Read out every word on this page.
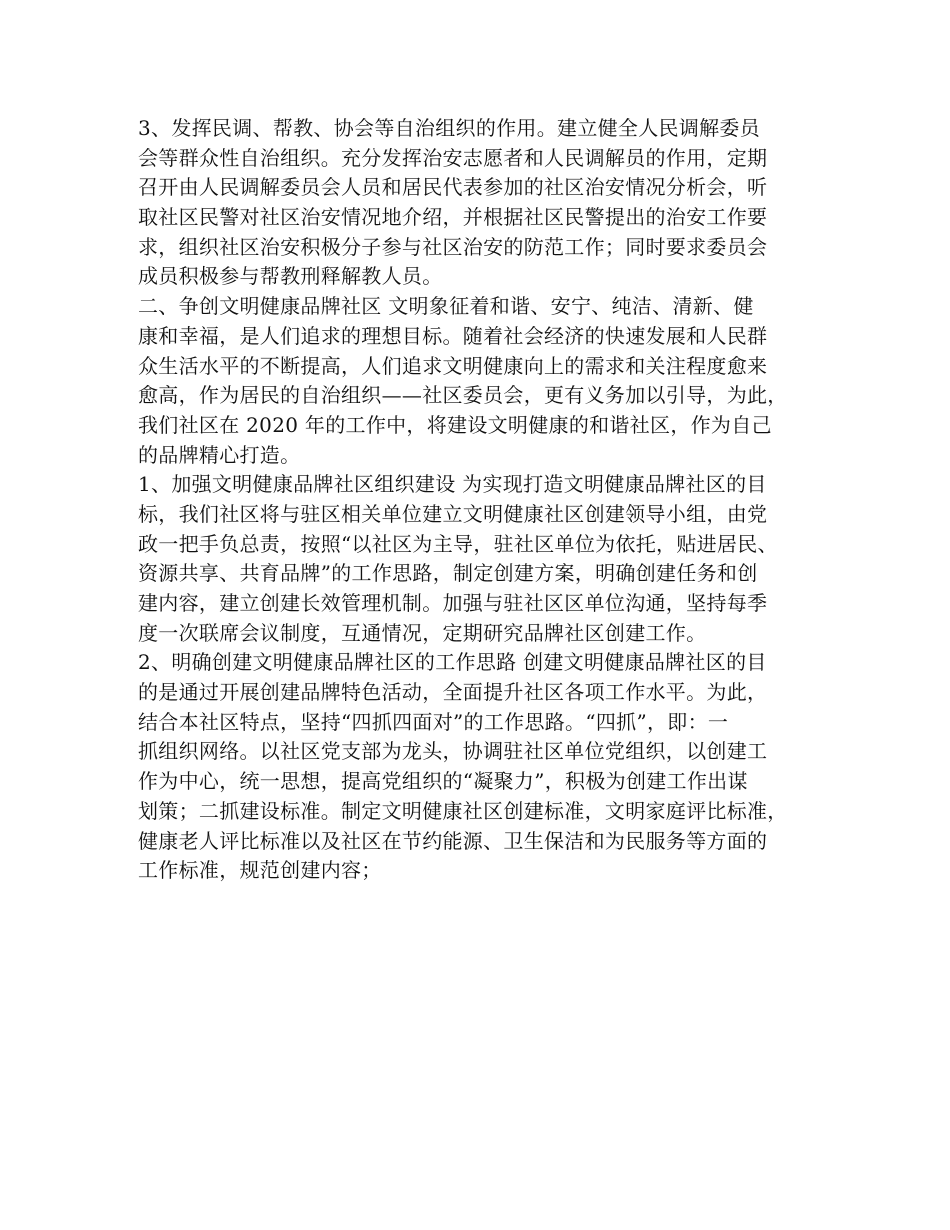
3、发挥民调、帮教、协会等自治组织的作用。建立健全人民调解委员
会等群众性自治组织。充分发挥治安志愿者和人民调解员的作用，定期
召开由人民调解委员会人员和居民代表参加的社区治安情况分析会，听
取社区民警对社区治安情况地介绍，并根据社区民警提出的治安工作要
求，组织社区治安积极分子参与社区治安的防范工作；同时要求委员会
成员积极参与帮教刑释解教人员。
二、争创文明健康品牌社区 文明象征着和谐、安宁、纯洁、清新、健
康和幸福，是人们追求的理想目标。随着社会经济的快速发展和人民群
众生活水平的不断提高，人们追求文明健康向上的需求和关注程度愈来
愈高，作为居民的自治组织——社区委员会，更有义务加以引导，为此，
我们社区在 2020 年的工作中，将建设文明健康的和谐社区，作为自己
的品牌精心打造。
1、加强文明健康品牌社区组织建设 为实现打造文明健康品牌社区的目
标，我们社区将与驻区相关单位建立文明健康社区创建领导小组，由党
政一把手负总责，按照“以社区为主导，驻社区单位为依托，贴进居民、
资源共享、共育品牌”的工作思路，制定创建方案，明确创建任务和创
建内容，建立创建长效管理机制。加强与驻社区区单位沟通，坚持每季
度一次联席会议制度，互通情况，定期研究品牌社区创建工作。
2、明确创建文明健康品牌社区的工作思路 创建文明健康品牌社区的目
的是通过开展创建品牌特色活动，全面提升社区各项工作水平。为此，
结合本社区特点，坚持“四抓四面对”的工作思路。“四抓”，即：一
抓组织网络。以社区党支部为龙头，协调驻社区单位党组织，以创建工
作为中心，统一思想，提高党组织的“凝聚力”，积极为创建工作出谋
划策；二抓建设标准。制定文明健康社区创建标准，文明家庭评比标准，
健康老人评比标准以及社区在节约能源、卫生保洁和为民服务等方面的
工作标准，规范创建内容；
